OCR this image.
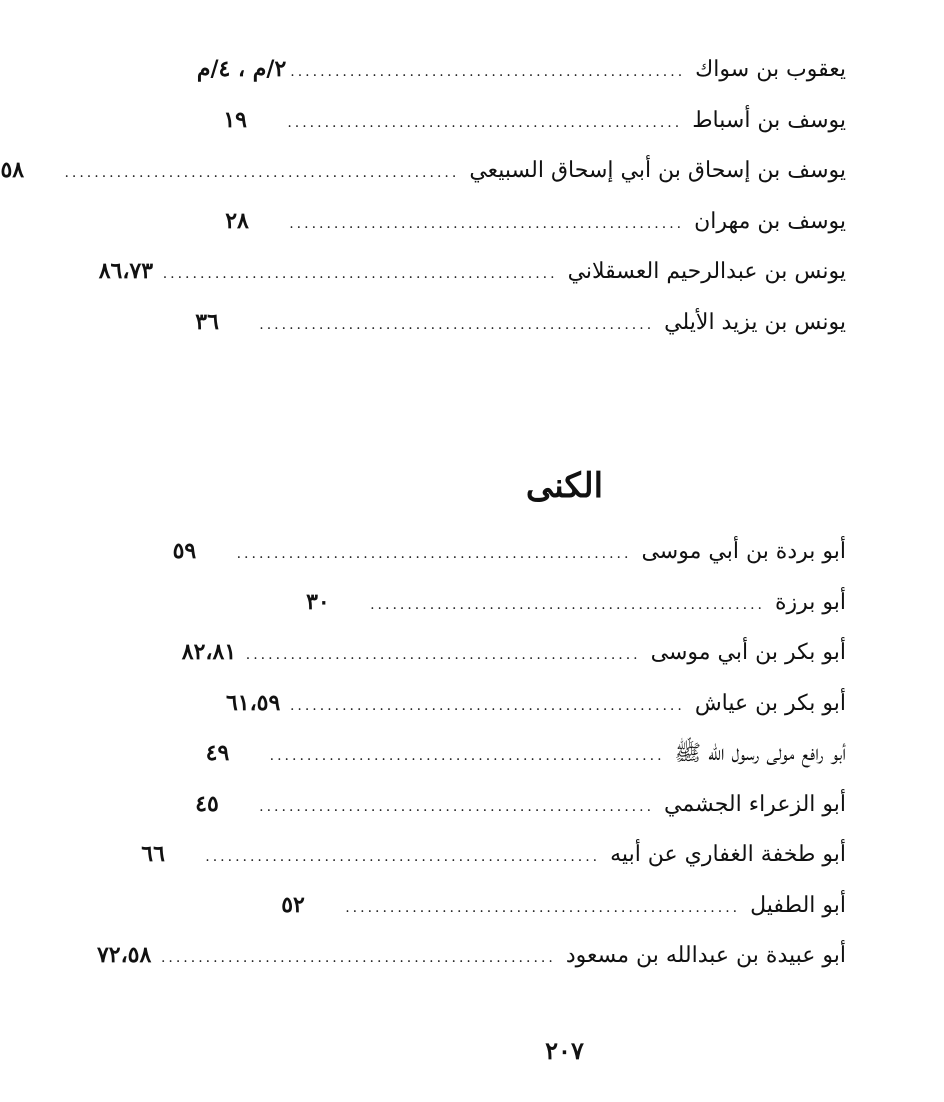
يعقوب بن سواك
.....................................................
٢/م ، ٤/م
يوسف بن أسباط
.....................................................
١٩
يوسف بن إسحاق بن أبي إسحاق السبيعي
.....................................................
٥٨
يوسف بن مهران
.....................................................
٢٨
يونس بن عبدالرحيم العسقلاني
.....................................................
٨٦،٧٣
يونس بن يزيد الأيلي
.....................................................
٣٦
الكنى
أبو بردة بن أبي موسى
.....................................................
٥٩
أبو برزة
.....................................................
٣٠
أبو بكر بن أبي موسى
.....................................................
٨٢،٨١
أبو بكر بن عياش
.....................................................
٦١،٥٩
أبو رافع مولى رسول الله ﷺ
.....................................................
٤٩
أبو الزعراء الجشمي
.....................................................
٤٥
أبو طخفة الغفاري عن أبيه
.....................................................
٦٦
أبو الطفيل
.....................................................
٥٢
أبو عبيدة بن عبدالله بن مسعود
.....................................................
٧٢،٥٨
٢٠٧
